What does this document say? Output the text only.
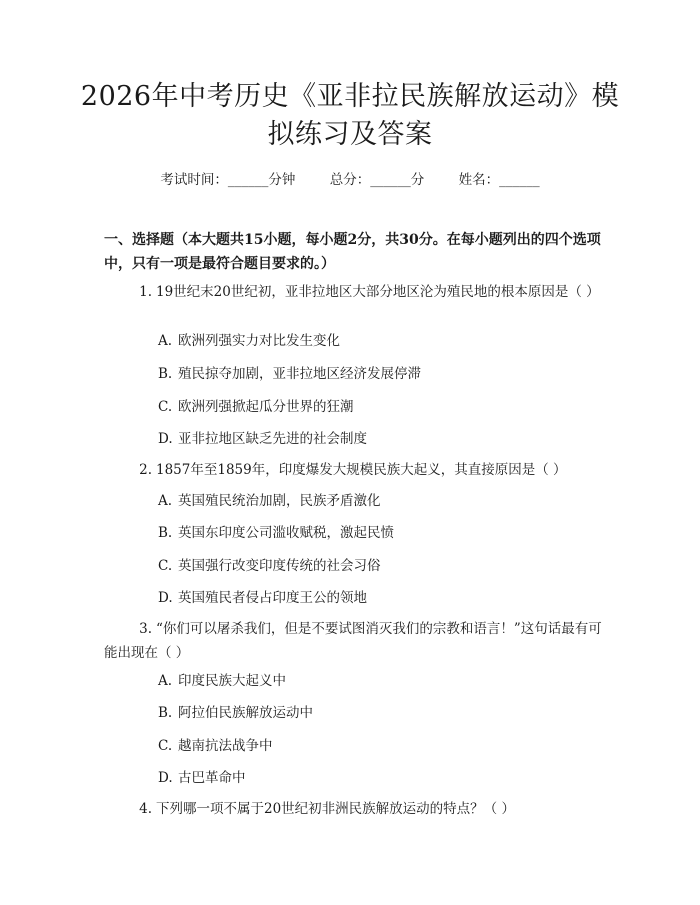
2026年中考历史《亚非拉民族解放运动》模
拟练习及答案
考试时间：______分钟	总分：______分	姓名：______
一、选择题（本大题共15小题，每小题2分，共30分。在每小题列出的四个选项中，只有一项是最符合题目要求的。）
1. 19世纪末20世纪初，亚非拉地区大部分地区沦为殖民地的根本原因是（ ）
A. 欧洲列强实力对比发生变化
B. 殖民掠夺加剧，亚非拉地区经济发展停滞
C. 欧洲列强掀起瓜分世界的狂潮
D. 亚非拉地区缺乏先进的社会制度
2. 1857年至1859年，印度爆发大规模民族大起义，其直接原因是（ ）
A. 英国殖民统治加剧，民族矛盾激化
B. 英国东印度公司滥收赋税，激起民愤
C. 英国强行改变印度传统的社会习俗
D. 英国殖民者侵占印度王公的领地
3. “你们可以屠杀我们，但是不要试图消灭我们的宗教和语言！”这句话最有可能出现在（ ）
A. 印度民族大起义中
B. 阿拉伯民族解放运动中
C. 越南抗法战争中
D. 古巴革命中
4. 下列哪一项不属于20世纪初非洲民族解放运动的特点？（ ）
